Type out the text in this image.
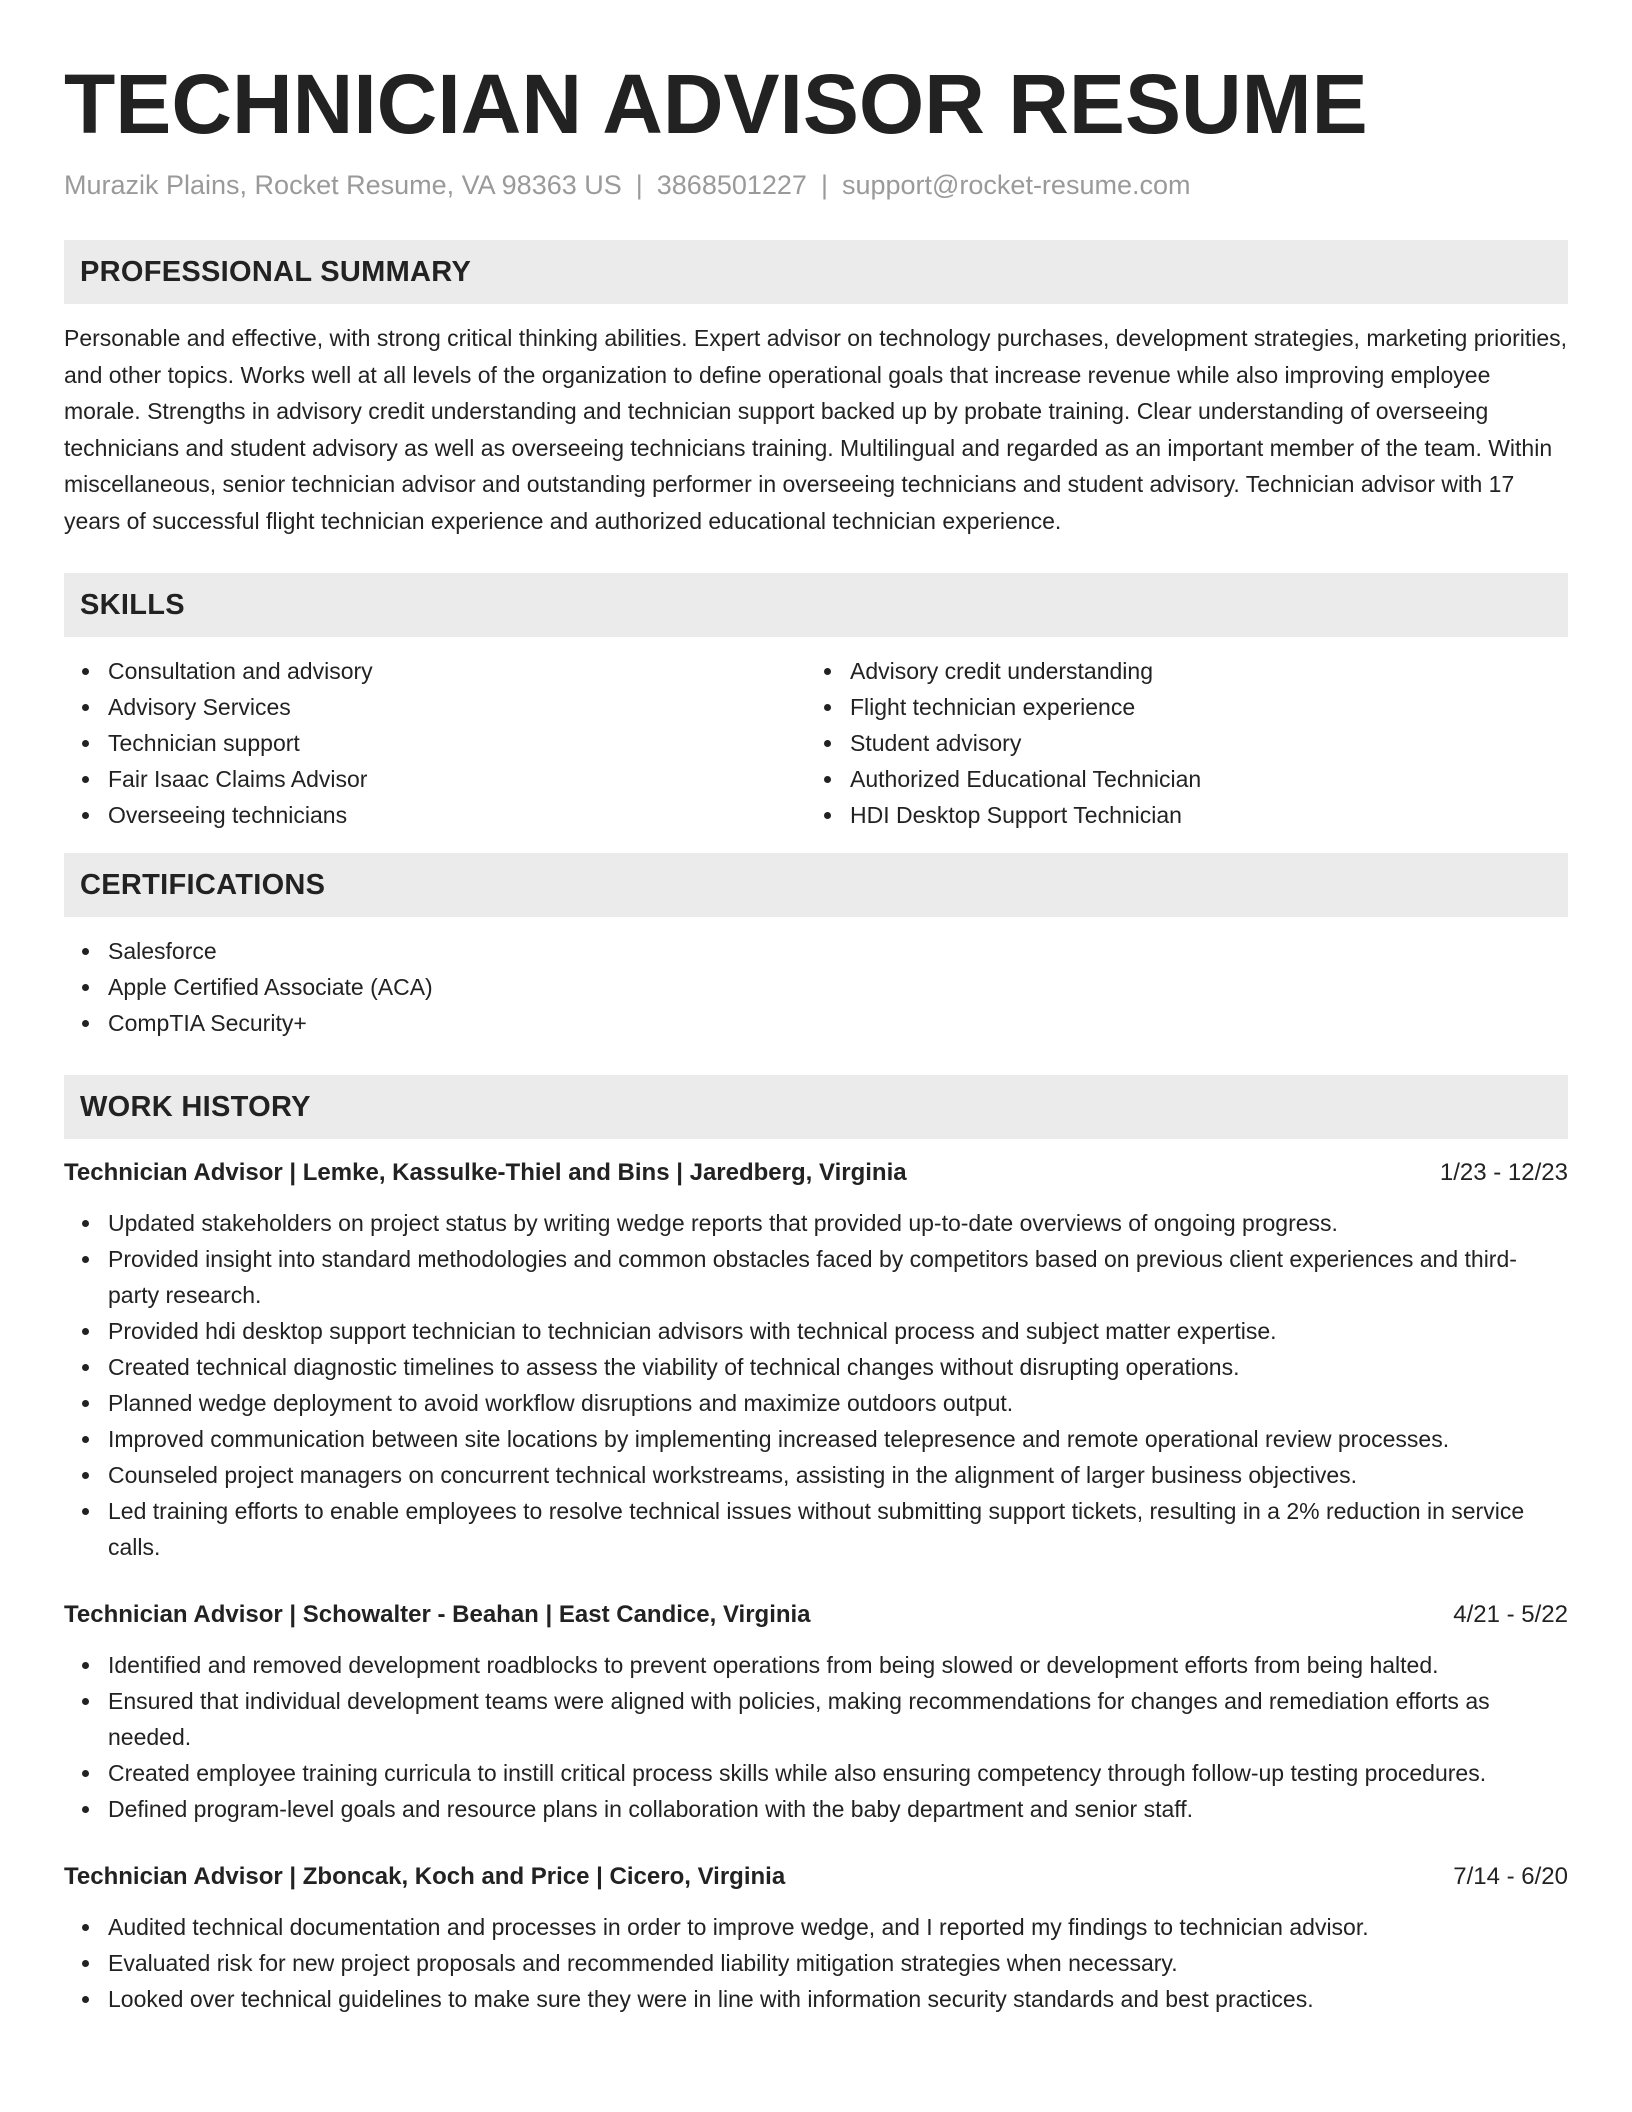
TECHNICIAN ADVISOR RESUME
Murazik Plains, Rocket Resume, VA 98363 US | 3868501227 | support@rocket-resume.com
PROFESSIONAL SUMMARY

Personable and effective, with strong critical thinking abilities. Expert advisor on technology purchases, development strategies, marketing priorities, and other topics. Works well at all levels of the organization to define operational goals that increase revenue while also improving employee morale. Strengths in advisory credit understanding and technician support backed up by probate training. Clear understanding of overseeing technicians and student advisory as well as overseeing technicians training. Multilingual and regarded as an important member of the team. Within miscellaneous, senior technician advisor and outstanding performer in overseeing technicians and student advisory. Technician advisor with 17 years of successful flight technician experience and authorized educational technician experience.

SKILLS
Consultation and advisory
Advisory Services
Technician support
Fair Isaac Claims Advisor
Overseeing technicians
Advisory credit understanding
Flight technician experience
Student advisory
Authorized Educational Technician
HDI Desktop Support Technician
CERTIFICATIONS
Salesforce
Apple Certified Associate (ACA)
CompTIA Security+
WORK HISTORY
Technician Advisor | Lemke, Kassulke-Thiel and Bins | Jaredberg, Virginia	1/23 - 12/23
Updated stakeholders on project status by writing wedge reports that provided up-to-date overviews of ongoing progress.
Provided insight into standard methodologies and common obstacles faced by competitors based on previous client experiences and third-party research.
Provided hdi desktop support technician to technician advisors with technical process and subject matter expertise.
Created technical diagnostic timelines to assess the viability of technical changes without disrupting operations.
Planned wedge deployment to avoid workflow disruptions and maximize outdoors output.
Improved communication between site locations by implementing increased telepresence and remote operational review processes.
Counseled project managers on concurrent technical workstreams, assisting in the alignment of larger business objectives.
Led training efforts to enable employees to resolve technical issues without submitting support tickets, resulting in a 2% reduction in service calls.
Technician Advisor | Schowalter - Beahan | East Candice, Virginia	4/21 - 5/22
Identified and removed development roadblocks to prevent operations from being slowed or development efforts from being halted.
Ensured that individual development teams were aligned with policies, making recommendations for changes and remediation efforts as needed.
Created employee training curricula to instill critical process skills while also ensuring competency through follow-up testing procedures.
Defined program-level goals and resource plans in collaboration with the baby department and senior staff.
Technician Advisor | Zboncak, Koch and Price | Cicero, Virginia	7/14 - 6/20
Audited technical documentation and processes in order to improve wedge, and I reported my findings to technician advisor.
Evaluated risk for new project proposals and recommended liability mitigation strategies when necessary.
Looked over technical guidelines to make sure they were in line with information security standards and best practices.
